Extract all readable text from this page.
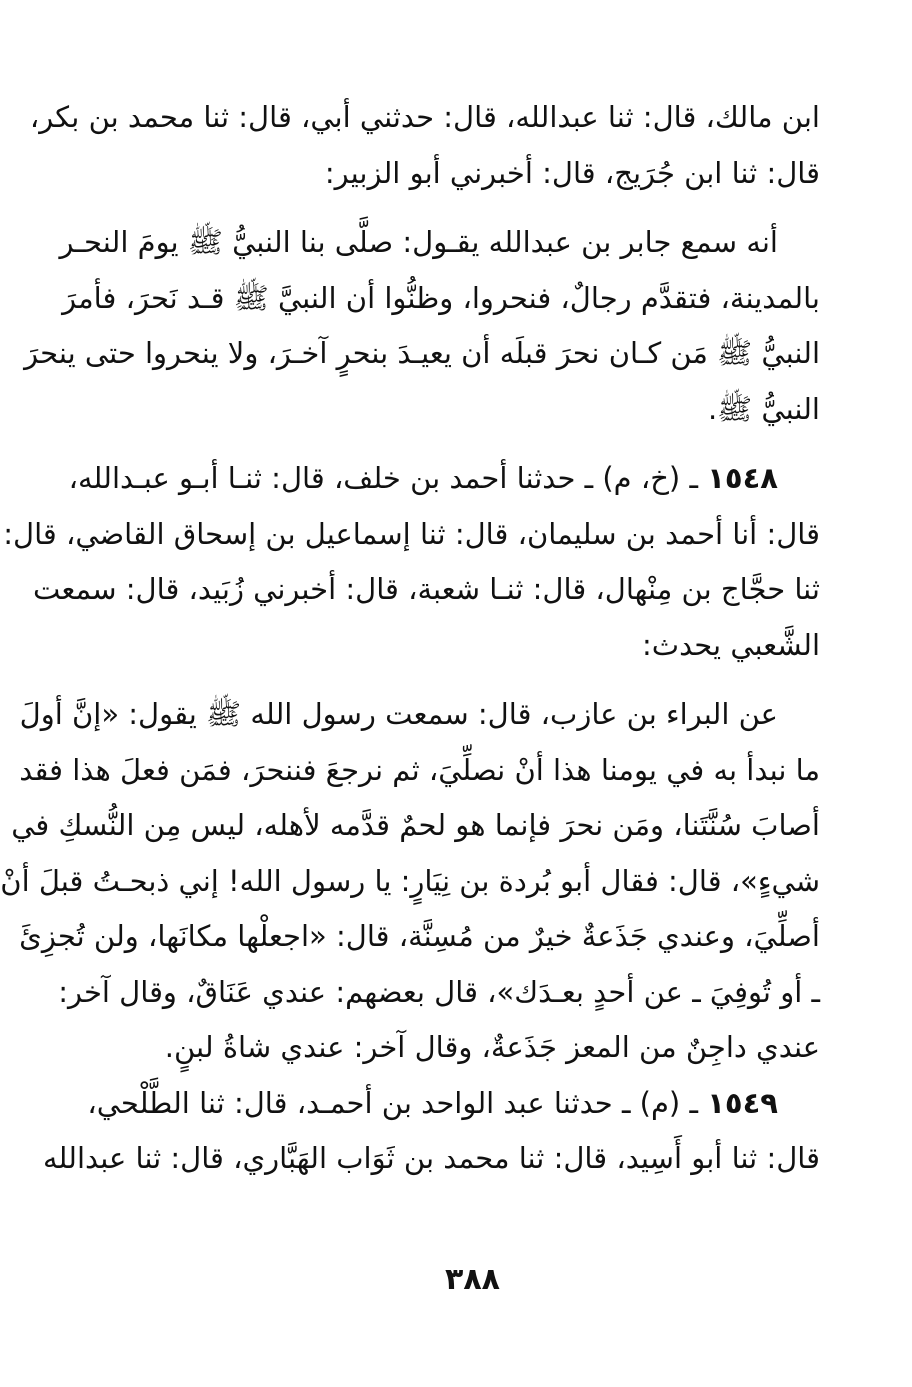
ابن مالك، قال: ثنا عبدالله، قال: حدثني أبي، قال: ثنا محمد بن بكر،
قال: ثنا ابن جُرَيج، قال: أخبرني أبو الزبير:
أنه سمع جابر بن عبدالله يقـول: صلَّى بنا النبيُّ ﷺ يومَ النحـر
بالمدينة، فتقدَّم رجالٌ، فنحروا، وظنُّوا أن النبيَّ ﷺ قـد نَحرَ، فأمرَ
النبيُّ ﷺ مَن كـان نحرَ قبلَه أن يعيـدَ بنحرٍ آخـرَ، ولا ينحروا حتى ينحرَ
النبيُّ ﷺ.
١٥٤٨ ـ (خ، م) ـ حدثنا أحمد بن خلف، قال: ثنـا أبـو عبـدالله،
قال: أنا أحمد بن سليمان، قال: ثنا إسماعيل بن إسحاق القاضي، قال:
ثنا حجَّاج بن مِنْهال، قال: ثنـا شعبة، قال: أخبرني زُبَيد، قال: سمعت
الشَّعبي يحدث:
عن البراء بن عازب، قال: سمعت رسول الله ﷺ يقول: «إنَّ أولَ
ما نبدأ به في يومنا هذا أنْ نصلِّيَ، ثم نرجعَ فننحرَ، فمَن فعلَ هذا فقد
أصابَ سُنَّتَنا، ومَن نحرَ فإنما هو لحمٌ قدَّمه لأهله، ليس مِن النُّسكِ في
شيءٍ»، قال: فقال أبو بُردة بن نِيَارٍ: يا رسول الله! إني ذبحـتُ قبلَ أنْ
أصلِّيَ، وعندي جَذَعةٌ خيرٌ من مُسِنَّة، قال: «اجعلْها مكانَها، ولن تُجزِئَ
ـ أو تُوفِيَ ـ عن أحدٍ بعـدَك»، قال بعضهم: عندي عَنَاقٌ، وقال آخر:
عندي داجِنٌ من المعز جَذَعةٌ، وقال آخر: عندي شاةُ لبنٍ.
١٥٤٩ ـ (م) ـ حدثنا عبد الواحد بن أحمـد، قال: ثنا الطَّلْحي،
قال: ثنا أبو أَسِيد، قال: ثنا محمد بن ثَوَاب الهَبَّاري، قال: ثنا عبدالله
٣٨٨
